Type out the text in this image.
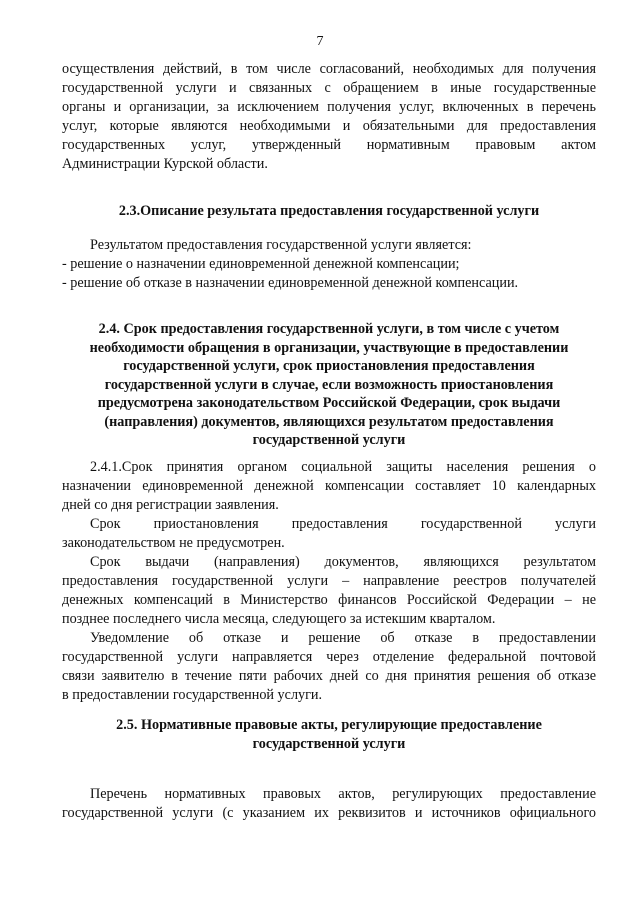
7
осуществления действий, в том числе согласований, необходимых для получения
государственной услуги и связанных с обращением в иные государственные
органы и организации, за исключением получения услуг, включенных в перечень
услуг, которые являются необходимыми и обязательными для предоставления
государственных услуг, утвержденный нормативным правовым актом
Администрации Курской области.
2.3.Описание результата предоставления государственной услуги
Результатом предоставления государственной услуги является:
- решение о назначении единовременной денежной компенсации;
- решение об отказе в назначении единовременной денежной компенсации.
2.4. Срок предоставления государственной услуги, в том числе с учетом
необходимости обращения в организации, участвующие в предоставлении
государственной услуги, срок приостановления предоставления
государственной услуги в случае, если возможность приостановления
предусмотрена законодательством Российской Федерации, срок выдачи
(направления) документов, являющихся результатом предоставления
государственной услуги
2.4.1.Срок принятия органом социальной защиты населения решения о
назначении единовременной денежной компенсации составляет 10 календарных
дней со дня регистрации заявления.
Срок приостановления предоставления государственной услуги
законодательством не предусмотрен.
Срок выдачи (направления) документов, являющихся результатом
предоставления государственной услуги – направление реестров получателей
денежных компенсаций в Министерство финансов Российской Федерации – не
позднее последнего числа месяца, следующего за истекшим кварталом.
Уведомление об отказе и решение об отказе в предоставлении
государственной услуги направляется через отделение федеральной почтовой
связи заявителю в течение пяти рабочих дней со дня принятия решения об отказе
в предоставлении государственной услуги.
2.5. Нормативные правовые акты, регулирующие предоставление
государственной услуги
Перечень нормативных правовых актов, регулирующих предоставление
государственной услуги (с указанием их реквизитов и источников официального
